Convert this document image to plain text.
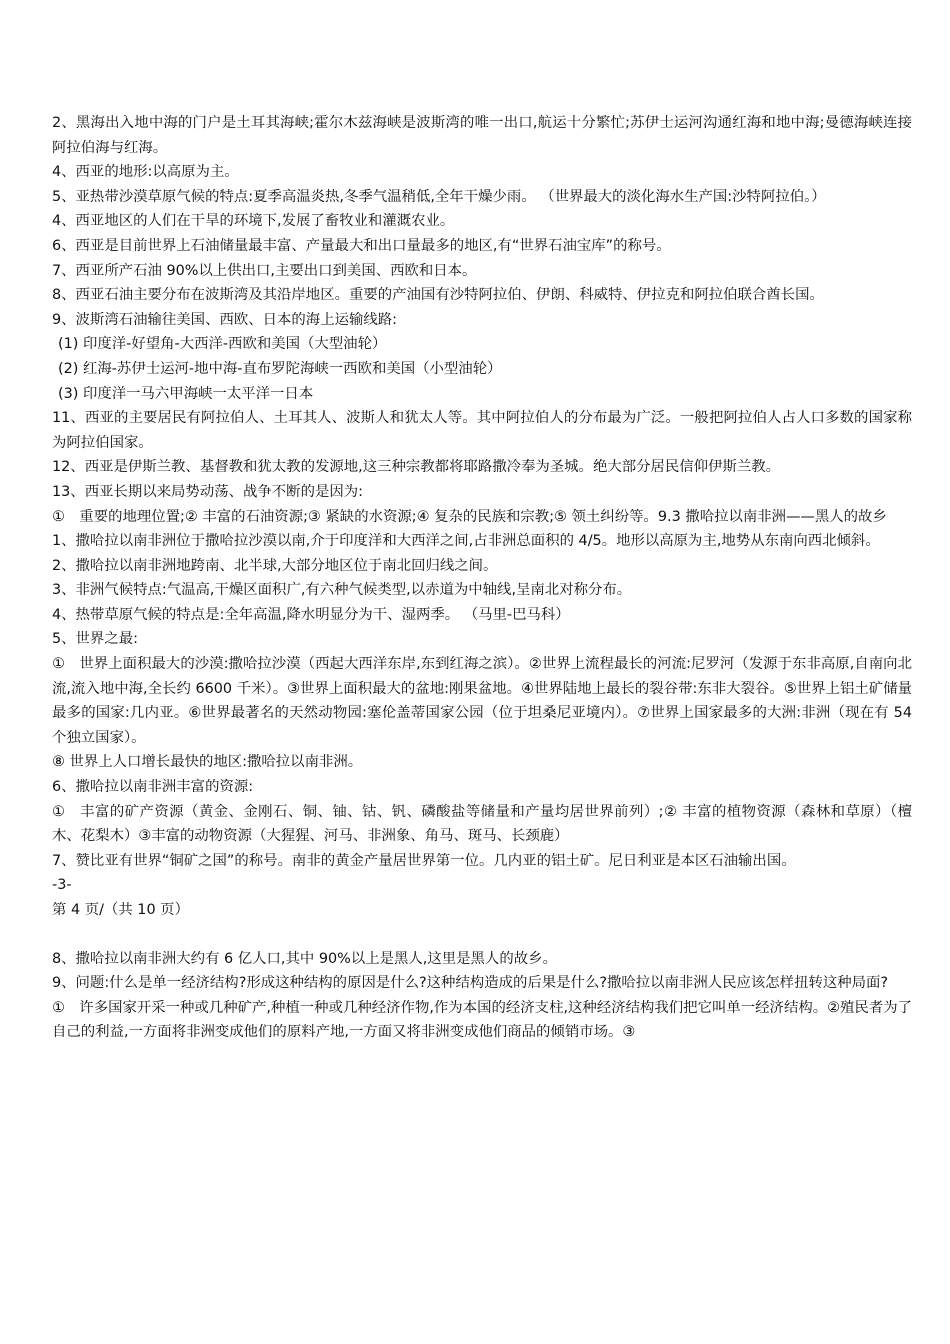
2、黑海出入地中海的门户是土耳其海峡;霍尔木兹海峡是波斯湾的唯一出口,航运十分繁忙;苏伊士运河沟通红海和地中海;曼德海峡连接阿拉伯海与红海。

4、西亚的地形:以高原为主。

5、亚热带沙漠草原气候的特点:夏季高温炎热,冬季气温稍低,全年干燥少雨。 （世界最大的淡化海水生产国:沙特阿拉伯。）

4、西亚地区的人们在干旱的环境下,发展了畜牧业和灌溉农业。

6、西亚是目前世界上石油储量最丰富、产量最大和出口量最多的地区,有“世界石油宝库”的称号。

7、西亚所产石油 90%以上供出口,主要出口到美国、西欧和日本。

8、西亚石油主要分布在波斯湾及其沿岸地区。重要的产油国有沙特阿拉伯、伊朗、科威特、伊拉克和阿拉伯联合酋长国。

9、波斯湾石油输往美国、西欧、日本的海上运输线路:

(1) 印度洋-好望角-大西洋-西欧和美国（大型油轮）

(2) 红海-苏伊士运河-地中海-直布罗陀海峡一西欧和美国（小型油轮）

(3) 印度洋一马六甲海峡一太平洋一日本

11、西亚的主要居民有阿拉伯人、土耳其人、波斯人和犹太人等。其中阿拉伯人的分布最为广泛。一般把阿拉伯人占人口多数的国家称为阿拉伯国家。

12、西亚是伊斯兰教、基督教和犹太教的发源地,这三种宗教都将耶路撒冷奉为圣城。绝大部分居民信仰伊斯兰教。

13、西亚长期以来局势动荡、战争不断的是因为:

①　重要的地理位置;② 丰富的石油资源;③ 紧缺的水资源;④ 复杂的民族和宗教;⑤ 领土纠纷等。9.3 撒哈拉以南非洲——黑人的故乡

1、撒哈拉以南非洲位于撒哈拉沙漠以南,介于印度洋和大西洋之间,占非洲总面积的 4/5。地形以高原为主,地势从东南向西北倾斜。

2、撒哈拉以南非洲地跨南、北半球,大部分地区位于南北回归线之间。

3、非洲气候特点:气温高,干燥区面积广,有六种气候类型,以赤道为中轴线,呈南北对称分布。

4、热带草原气候的特点是:全年高温,降水明显分为干、湿两季。 （马里-巴马科）

5、世界之最:

①　世界上面积最大的沙漠:撒哈拉沙漠（西起大西洋东岸,东到红海之滨）。②世界上流程最长的河流:尼罗河（发源于东非高原,自南向北流,流入地中海,全长约 6600 千米）。③世界上面积最大的盆地:刚果盆地。④世界陆地上最长的裂谷带:东非大裂谷。⑤世界上铝土矿储量最多的国家:几内亚。⑥世界最著名的天然动物园:塞伦盖蒂国家公园（位于坦桑尼亚境内）。⑦世界上国家最多的大洲:非洲（现在有 54 个独立国家）。

⑧ 世界上人口增长最快的地区:撒哈拉以南非洲。

6、撒哈拉以南非洲丰富的资源:

①　丰富的矿产资源（黄金、金刚石、铜、铀、钴、钒、磷酸盐等储量和产量均居世界前列）;② 丰富的植物资源（森林和草原）（檀木、花梨木）③丰富的动物资源（大猩猩、河马、非洲象、角马、斑马、长颈鹿）

7、赞比亚有世界“铜矿之国”的称号。南非的黄金产量居世界第一位。几内亚的铝土矿。尼日利亚是本区石油输出国。

-3-

第 4 页/（共 10 页）

8、撒哈拉以南非洲大约有 6 亿人口,其中 90%以上是黑人,这里是黑人的故乡。

9、问题:什么是单一经济结构?形成这种结构的原因是什么?这种结构造成的后果是什么?撒哈拉以南非洲人民应该怎样扭转这种局面?

①　许多国家开采一种或几种矿产,种植一种或几种经济作物,作为本国的经济支柱,这种经济结构我们把它叫单一经济结构。②殖民者为了自己的利益,一方面将非洲变成他们的原料产地,一方面又将非洲变成他们商品的倾销市场。③
